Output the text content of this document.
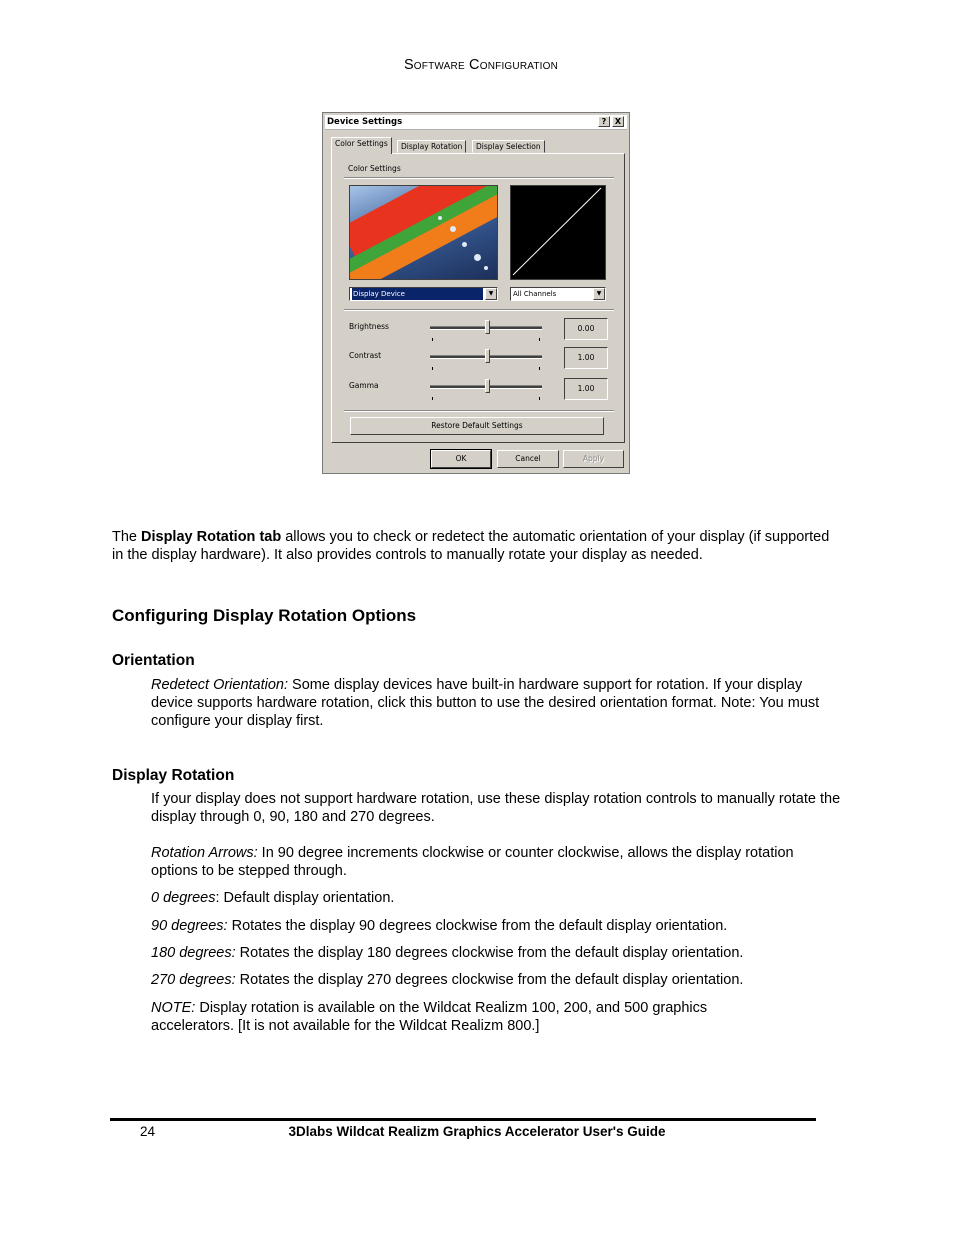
Software Configuration
Device Settings	?	X
Color Settings	Display Rotation	Display Selection
Color Settings
Display Device	▼	All Channels	▼
Brightness	0.00
Contrast	1.00
Gamma	1.00
Restore Default Settings
OK	Cancel	Apply
The Display Rotation tab allows you to check or redetect the automatic orientation of your display (if supported in the display hardware). It also provides controls to manually rotate your display as needed.
Configuring Display Rotation Options
Orientation
Redetect Orientation: Some display devices have built-in hardware support for rotation. If your display device supports hardware rotation, click this button to use the desired orientation format. Note: You must configure your display first.
Display Rotation
If your display does not support hardware rotation, use these display rotation controls to manually rotate the display through 0, 90, 180 and 270 degrees.
Rotation Arrows: In 90 degree increments clockwise or counter clockwise, allows the display rotation options to be stepped through.
0 degrees: Default display orientation.
90 degrees: Rotates the display 90 degrees clockwise from the default display orientation.
180 degrees: Rotates the display 180 degrees clockwise from the default display orientation.
270 degrees: Rotates the display 270 degrees clockwise from the default display orientation.
NOTE: Display rotation is available on the Wildcat Realizm 100, 200, and 500 graphics accelerators. [It is not available for the Wildcat Realizm 800.]
24	3Dlabs Wildcat Realizm Graphics Accelerator User's Guide
